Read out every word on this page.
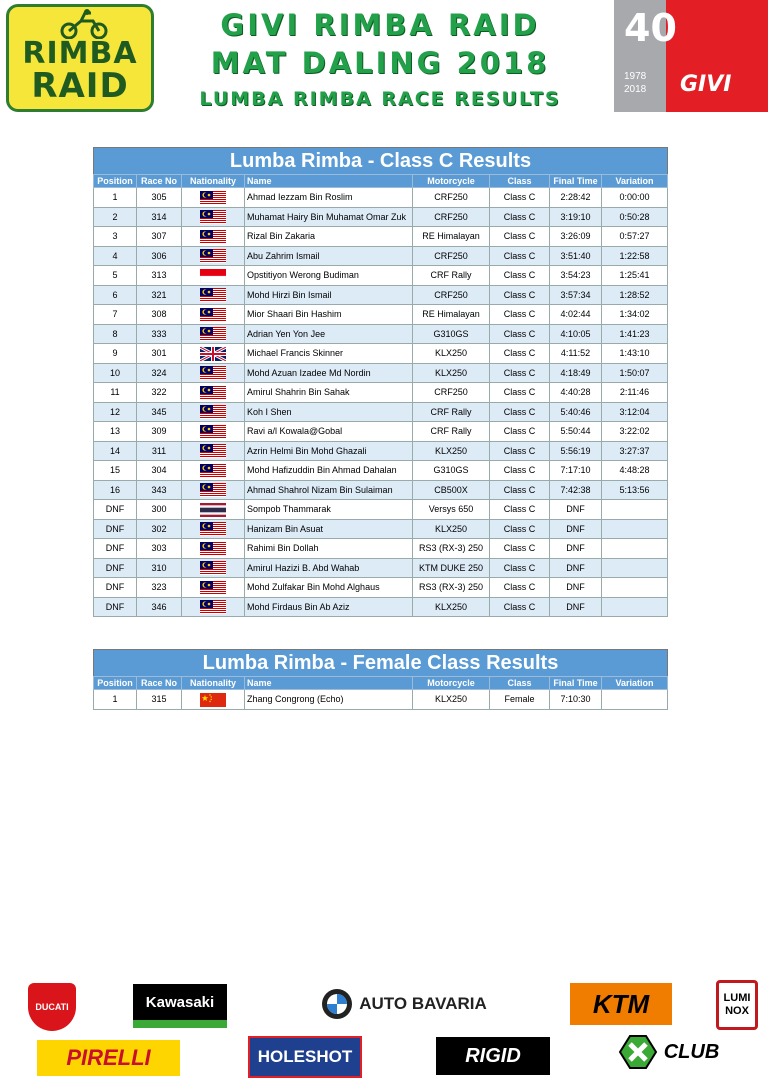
RIMBA
RAID
GIVI RIMBA RAID
MAT DALING 2018
LUMBA RIMBA RACE RESULTS
40
1978
2018 GIVI
Lumba Rimba - Class C Results
Position	Race No	Nationality	Name	Motorcycle	Class	Final Time	Variation
1	305		Ahmad Iezzam Bin Roslim	CRF250	Class C	2:28:42	0:00:00
2	314		Muhamat Hairy Bin Muhamat Omar Zuk	CRF250	Class C	3:19:10	0:50:28
3	307		Rizal Bin Zakaria	RE Himalayan	Class C	3:26:09	0:57:27
4	306		Abu Zahrim Ismail	CRF250	Class C	3:51:40	1:22:58
5	313		Opstitiyon Werong Budiman	CRF Rally	Class C	3:54:23	1:25:41
6	321		Mohd Hirzi Bin Ismail	CRF250	Class C	3:57:34	1:28:52
7	308		Mior Shaari Bin Hashim	RE Himalayan	Class C	4:02:44	1:34:02
8	333		Adrian Yen Yon Jee	G310GS	Class C	4:10:05	1:41:23
9	301		Michael Francis Skinner	KLX250	Class C	4:11:52	1:43:10
10	324		Mohd Azuan Izadee Md Nordin	KLX250	Class C	4:18:49	1:50:07
11	322		Amirul Shahrin Bin Sahak	CRF250	Class C	4:40:28	2:11:46
12	345		Koh I Shen	CRF Rally	Class C	5:40:46	3:12:04
13	309		Ravi a/l Kowala@Gobal	CRF Rally	Class C	5:50:44	3:22:02
14	311		Azrin Helmi Bin Mohd Ghazali	KLX250	Class C	5:56:19	3:27:37
15	304		Mohd Hafizuddin Bin Ahmad Dahalan	G310GS	Class C	7:17:10	4:48:28
16	343		Ahmad Shahrol Nizam Bin Sulaiman	CB500X	Class C	7:42:38	5:13:56
DNF	300		Sompob Thammarak	Versys 650	Class C	DNF	
DNF	302		Hanizam Bin Asuat	KLX250	Class C	DNF	
DNF	303		Rahimi Bin Dollah	RS3 (RX-3) 250	Class C	DNF	
DNF	310		Amirul Hazizi B. Abd Wahab	KTM DUKE 250	Class C	DNF	
DNF	323		Mohd Zulfakar Bin Mohd Alghaus	RS3 (RX-3) 250	Class C	DNF	
DNF	346		Mohd Firdaus Bin Ab Aziz	KLX250	Class C	DNF	
Lumba Rimba - Female Class Results
Position	Race No	Nationality	Name	Motorcycle	Class	Final Time	Variation
1	315		Zhang Congrong (Echo)	KLX250	Female	7:10:30	
DUCATI	Kawasaki	AUTO BAVARIA	KTM	LUMI
NOX
PIRELLI	HOLESHOT	RIGID	CLUB
